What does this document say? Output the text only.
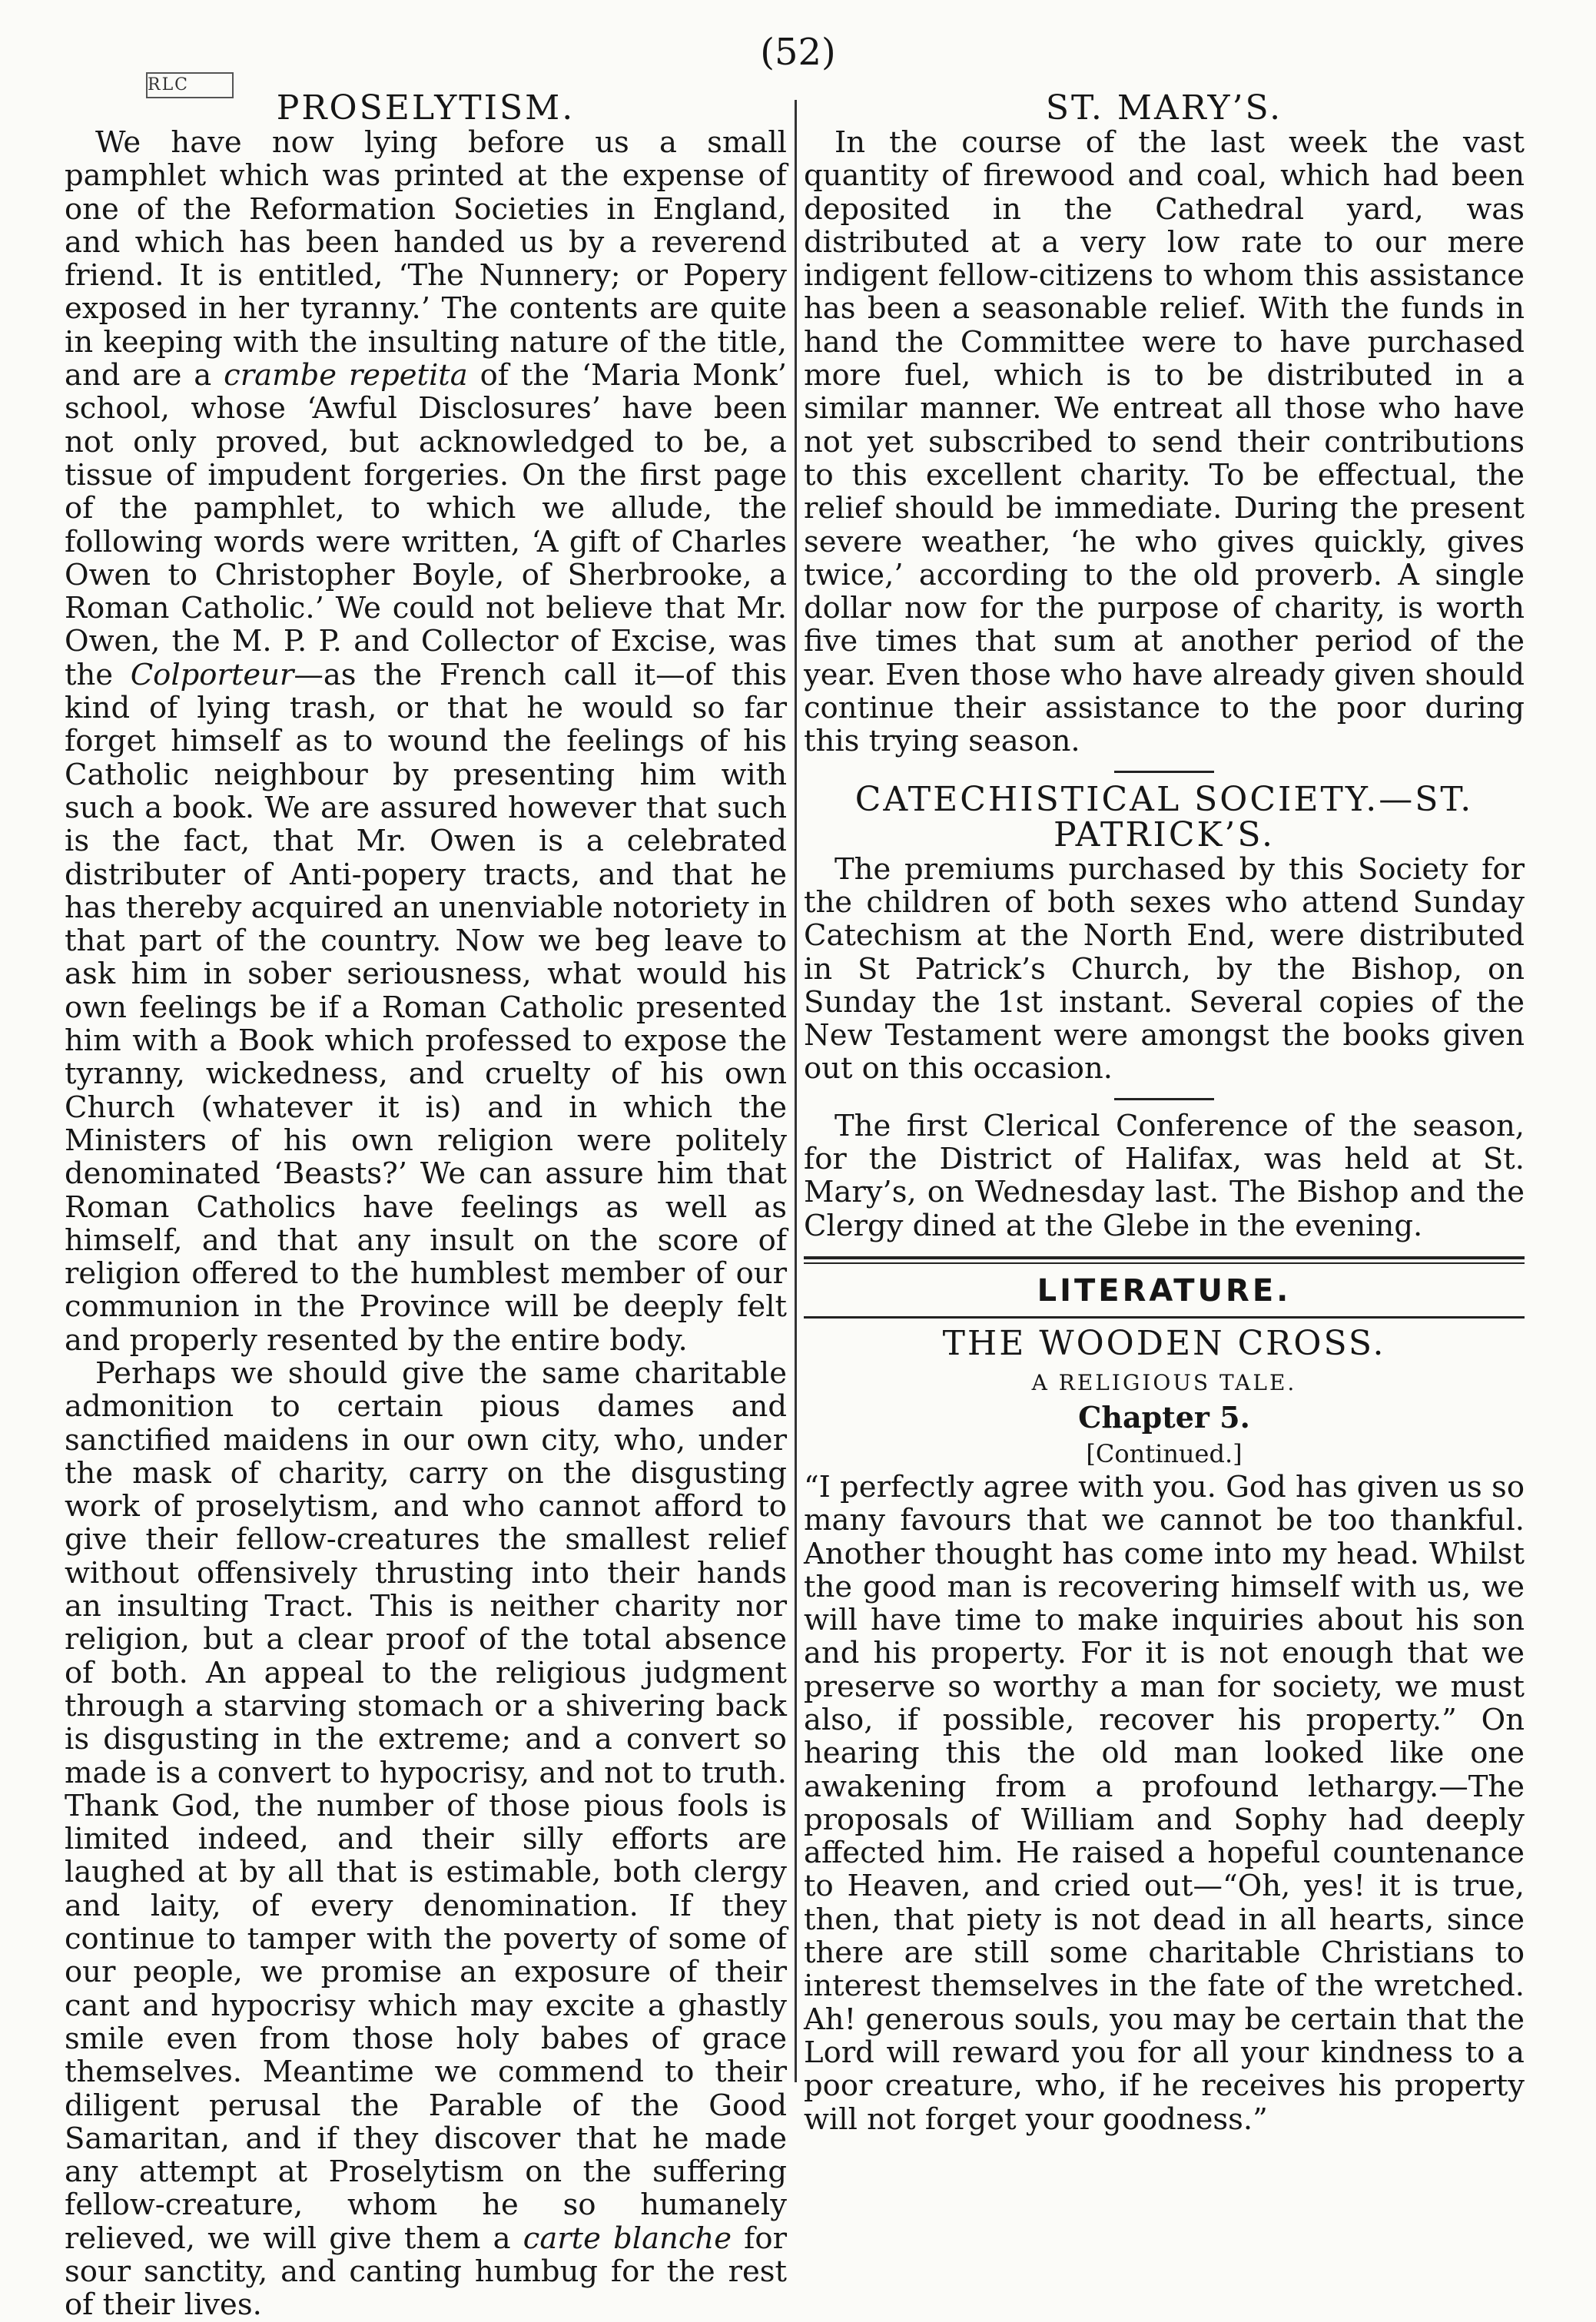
RLC
(52)
PROSELYTISM.

We have now lying before us a small pamphlet which was printed at the expense of one of the Reformation Societies in England, and which has been handed us by a reverend friend. It is entitled, ‘The Nunnery; or Popery exposed in her tyranny.’ The contents are quite in keeping with the insulting nature of the title, and are a crambe repetita of the ‘Maria Monk’ school, whose ‘Awful Disclosures’ have been not only proved, but acknowledged to be, a tissue of impudent forgeries. On the first page of the pamphlet, to which we allude, the following words were written, ‘A gift of Charles Owen to Christopher Boyle, of Sherbrooke, a Roman Catholic.’ We could not believe that Mr. Owen, the M. P. P. and Collector of Excise, was the Colporteur—as the French call it—of this kind of lying trash, or that he would so far forget himself as to wound the feelings of his Catholic neighbour by presenting him with such a book. We are assured however that such is the fact, that Mr. Owen is a celebrated distributer of Anti-popery tracts, and that he has thereby acquired an unenviable notoriety in that part of the country. Now we beg leave to ask him in sober seriousness, what would his own feelings be if a Roman Catholic presented him with a Book which professed to expose the tyranny, wickedness, and cruelty of his own Church (whatever it is) and in which the Ministers of his own religion were politely denominated ‘Beasts?’ We can assure him that Roman Catholics have feelings as well as himself, and that any insult on the score of religion offered to the humblest member of our communion in the Province will be deeply felt and properly resented by the entire body.

Perhaps we should give the same charitable admonition to certain pious dames and sanctified maidens in our own city, who, under the mask of charity, carry on the disgusting work of proselytism, and who cannot afford to give their fellow-creatures the smallest relief without offensively thrusting into their hands an insulting Tract. This is neither charity nor religion, but a clear proof of the total absence of both. An appeal to the religious judgment through a starving stomach or a shivering back is disgusting in the extreme; and a convert so made is a convert to hypocrisy, and not to truth. Thank God, the number of those pious fools is limited indeed, and their silly efforts are laughed at by all that is estimable, both clergy and laity, of every denomination. If they continue to tamper with the poverty of some of our people, we promise an exposure of their cant and hypocrisy which may excite a ghastly smile even from those holy babes of grace themselves. Meantime we commend to their diligent perusal the Parable of the Good Samaritan, and if they discover that he made any attempt at Proselytism on the suffering fellow-creature, whom he so humanely relieved, we will give them a carte blanche for sour sanctity, and canting humbug for the rest of their lives.

ST. MARY’S.

In the course of the last week the vast quantity of firewood and coal, which had been deposited in the Cathedral yard, was distributed at a very low rate to our mere indigent fellow-citizens to whom this assistance has been a seasonable relief. With the funds in hand the Committee were to have purchased more fuel, which is to be distributed in a similar manner. We entreat all those who have not yet subscribed to send their contributions to this excellent charity. To be effectual, the relief should be immediate. During the present severe weather, ‘he who gives quickly, gives twice,’ according to the old proverb. A single dollar now for the purpose of charity, is worth five times that sum at another period of the year. Even those who have already given should continue their assistance to the poor during this trying season.

CATECHISTICAL SOCIETY.—ST. PATRICK’S.

The premiums purchased by this Society for the children of both sexes who attend Sunday Catechism at the North End, were distributed in St Patrick’s Church, by the Bishop, on Sunday the 1st instant. Several copies of the New Testament were amongst the books given out on this occasion.

The first Clerical Conference of the season, for the District of Halifax, was held at St. Mary’s, on Wednesday last. The Bishop and the Clergy dined at the Glebe in the evening.

LITERATURE.
THE WOODEN CROSS.
A RELIGIOUS TALE.
Chapter 5.
[Continued.]

“I perfectly agree with you. God has given us so many favours that we cannot be too thankful. Another thought has come into my head. Whilst the good man is recovering himself with us, we will have time to make inquiries about his son and his property. For it is not enough that we preserve so worthy a man for society, we must also, if possible, recover his property.” On hearing this the old man looked like one awakening from a profound lethargy.—The proposals of William and Sophy had deeply affected him. He raised a hopeful countenance to Heaven, and cried out—“Oh, yes! it is true, then, that piety is not dead in all hearts, since there are still some charitable Christians to interest themselves in the fate of the wretched. Ah! generous souls, you may be certain that the Lord will reward you for all your kindness to a poor creature, who, if he receives his property will not forget your goodness.”
